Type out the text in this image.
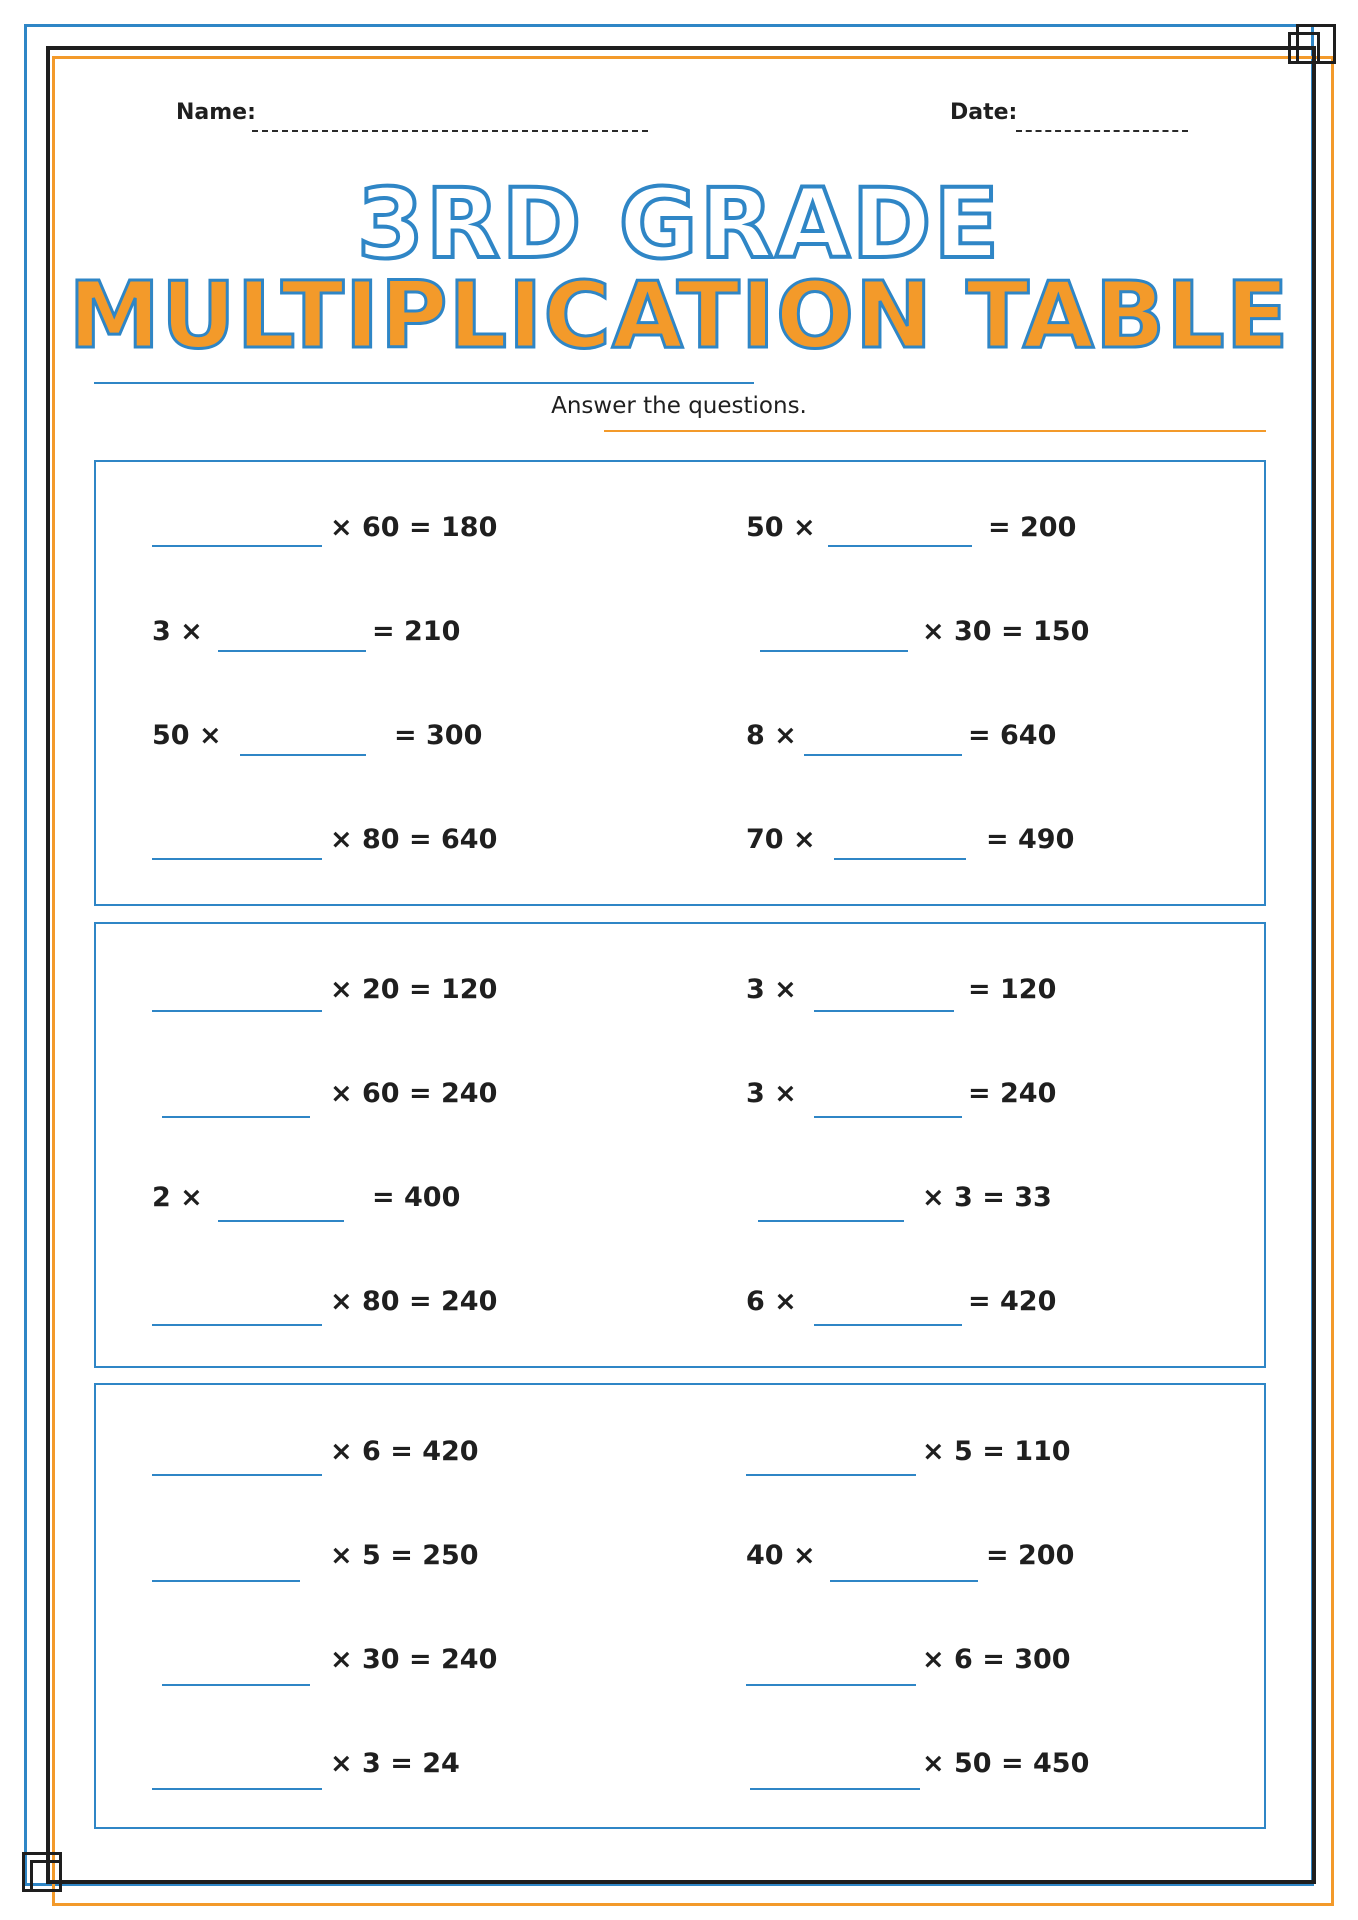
Name:	Date:
3RD GRADE
MULTIPLICATION TABLE
Answer the questions.
× 60 = 180
3 ×	= 210
50 ×	= 300
× 80 = 640
50 ×	= 200
× 30 = 150
8 ×	= 640
70 ×	= 490
× 20 = 120
× 60 = 240
2 ×	= 400
× 80 = 240
3 ×	= 120
3 ×	= 240
× 3 = 33
6 ×	= 420
× 6 = 420
× 5 = 250
× 30 = 240
× 3 = 24
× 5 = 110
40 ×	= 200
× 6 = 300
× 50 = 450
